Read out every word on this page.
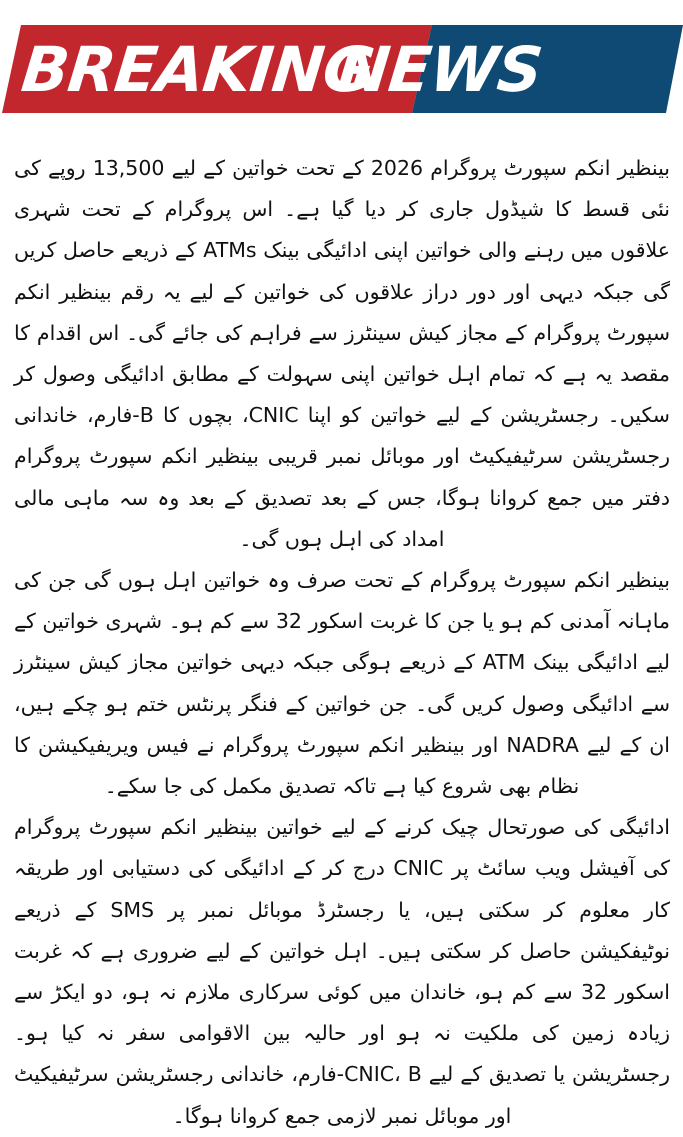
BREAKING
NEWS

بینظیر انکم سپورٹ پروگرام 2026 کے تحت خواتین کے لیے 13,500 روپے کی نئی قسط کا شیڈول جاری کر دیا گیا ہے۔ اس پروگرام کے تحت شہری علاقوں میں رہنے والی خواتین اپنی ادائیگی بینک ATMs کے ذریعے حاصل کریں گی جبکہ دیہی اور دور دراز علاقوں کی خواتین کے لیے یہ رقم بینظیر انکم سپورٹ پروگرام کے مجاز کیش سینٹرز سے فراہم کی جائے گی۔ اس اقدام کا مقصد یہ ہے کہ تمام اہل خواتین اپنی سہولت کے مطابق ادائیگی وصول کر سکیں۔ رجسٹریشن کے لیے خواتین کو اپنا CNIC، بچوں کا B-فارم، خاندانی رجسٹریشن سرٹیفیکیٹ اور موبائل نمبر قریبی بینظیر انکم سپورٹ پروگرام دفتر میں جمع کروانا ہوگا، جس کے بعد تصدیق کے بعد وہ سہ ماہی مالی امداد کی اہل ہوں گی۔

بینظیر انکم سپورٹ پروگرام کے تحت صرف وہ خواتین اہل ہوں گی جن کی ماہانہ آمدنی کم ہو یا جن کا غربت اسکور 32 سے کم ہو۔ شہری خواتین کے لیے ادائیگی بینک ATM کے ذریعے ہوگی جبکہ دیہی خواتین مجاز کیش سینٹرز سے ادائیگی وصول کریں گی۔ جن خواتین کے فنگر پرنٹس ختم ہو چکے ہیں، ان کے لیے NADRA اور بینظیر انکم سپورٹ پروگرام نے فیس ویریفیکیشن کا نظام بھی شروع کیا ہے تاکہ تصدیق مکمل کی جا سکے۔

ادائیگی کی صورتحال چیک کرنے کے لیے خواتین بینظیر انکم سپورٹ پروگرام کی آفیشل ویب سائٹ پر CNIC درج کر کے ادائیگی کی دستیابی اور طریقہ کار معلوم کر سکتی ہیں، یا رجسٹرڈ موبائل نمبر پر SMS کے ذریعے نوٹیفکیشن حاصل کر سکتی ہیں۔ اہل خواتین کے لیے ضروری ہے کہ غربت اسکور 32 سے کم ہو، خاندان میں کوئی سرکاری ملازم نہ ہو، دو ایکڑ سے زیادہ زمین کی ملکیت نہ ہو اور حالیہ بین الاقوامی سفر نہ کیا ہو۔ رجسٹریشن یا تصدیق کے لیے CNIC، B-فارم، خاندانی رجسٹریشن سرٹیفیکیٹ اور موبائل نمبر لازمی جمع کروانا ہوگا۔
